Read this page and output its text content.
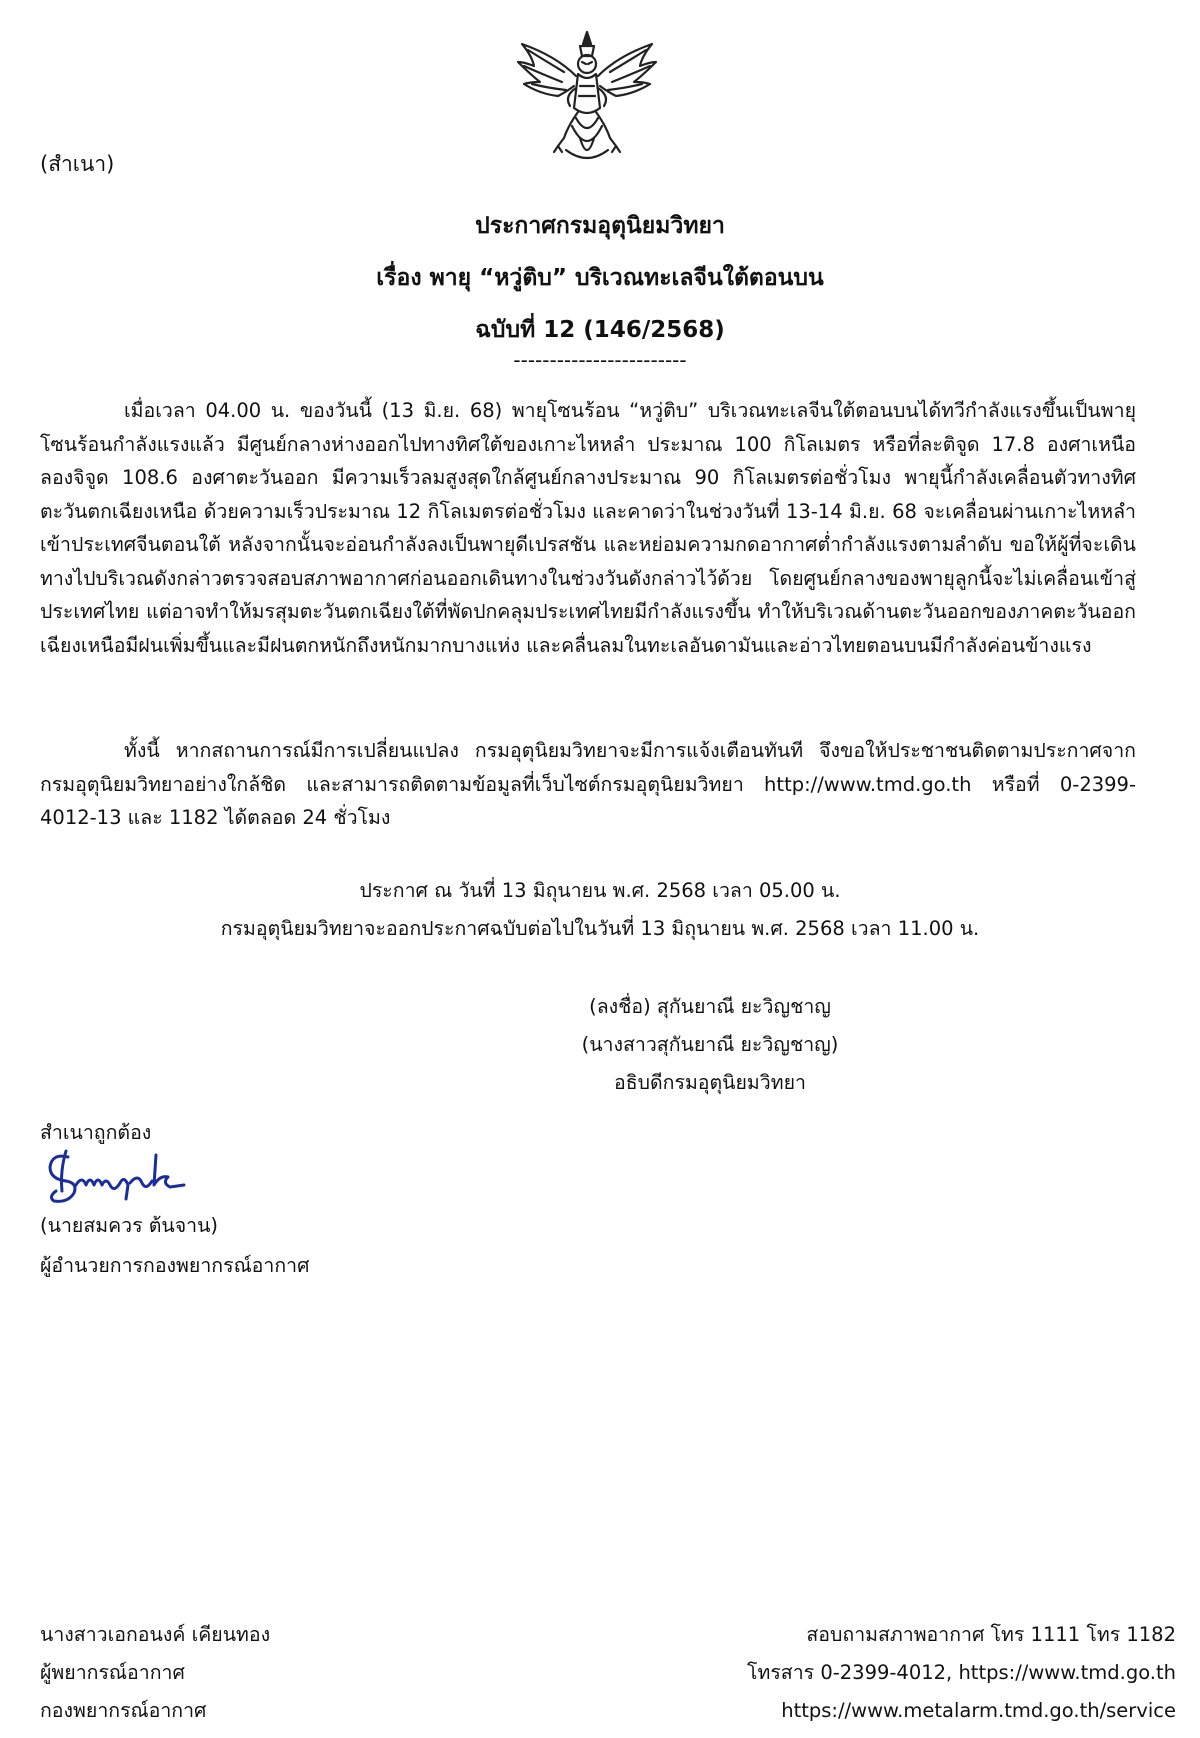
(สำเนา)
ประกาศกรมอุตุนิยมวิทยา
เรื่อง พายุ “หวู่ติบ” บริเวณทะเลจีนใต้ตอนบน
ฉบับที่ 12 (146/2568)
------------------------
เมื่อเวลา 04.00 น. ของวันนี้ (13 มิ.ย. 68) พายุโซนร้อน “หวู่ติบ” บริเวณทะเลจีนใต้ตอนบนได้ทวีกำลังแรงขึ้นเป็นพายุโซนร้อนกำลังแรงแล้ว มีศูนย์กลางห่างออกไปทางทิศใต้ของเกาะไหหลำ ประมาณ 100 กิโลเมตร หรือที่ละติจูด 17.8 องศาเหนือ ลองจิจูด 108.6 องศาตะวันออก มีความเร็วลมสูงสุดใกล้ศูนย์กลางประมาณ 90 กิโลเมตรต่อชั่วโมง พายุนี้กำลังเคลื่อนตัวทางทิศตะวันตกเฉียงเหนือ ด้วยความเร็วประมาณ 12 กิโลเมตรต่อชั่วโมง และคาดว่าในช่วงวันที่ 13-14 มิ.ย. 68 จะเคลื่อนผ่านเกาะไหหลำเข้าประเทศจีนตอนใต้ หลังจากนั้นจะอ่อนกำลังลงเป็นพายุดีเปรสชัน และหย่อมความกดอากาศต่ำกำลังแรงตามลำดับ ขอให้ผู้ที่จะเดินทางไปบริเวณดังกล่าวตรวจสอบสภาพอากาศก่อนออกเดินทางในช่วงวันดังกล่าวไว้ด้วย โดยศูนย์กลางของพายุลูกนี้จะไม่เคลื่อนเข้าสู่ประเทศไทย แต่อาจทำให้มรสุมตะวันตกเฉียงใต้ที่พัดปกคลุมประเทศไทยมีกำลังแรงขึ้น ทำให้บริเวณด้านตะวันออกของภาคตะวันออกเฉียงเหนือมีฝนเพิ่มขึ้นและมีฝนตกหนักถึงหนักมากบางแห่ง และคลื่นลมในทะเลอันดามันและอ่าวไทยตอนบนมีกำลังค่อนข้างแรง
ทั้งนี้ หากสถานการณ์มีการเปลี่ยนแปลง กรมอุตุนิยมวิทยาจะมีการแจ้งเตือนทันที จึงขอให้ประชาชนติดตามประกาศจากกรมอุตุนิยมวิทยาอย่างใกล้ชิด และสามารถติดตามข้อมูลที่เว็บไซต์กรมอุตุนิยมวิทยา http://www.tmd.go.th หรือที่ 0-2399-4012-13 และ 1182 ได้ตลอด 24 ชั่วโมง
ประกาศ ณ วันที่ 13 มิถุนายน พ.ศ. 2568 เวลา 05.00 น.
กรมอุตุนิยมวิทยาจะออกประกาศฉบับต่อไปในวันที่ 13 มิถุนายน พ.ศ. 2568 เวลา 11.00 น.
(ลงชื่อ) สุกันยาณี ยะวิญชาญ
(นางสาวสุกันยาณี ยะวิญชาญ)
อธิบดีกรมอุตุนิยมวิทยา
สำเนาถูกต้อง
(นายสมควร ต้นจาน)
ผู้อำนวยการกองพยากรณ์อากาศ
นางสาวเอกอนงค์ เคียนทอง
ผู้พยากรณ์อากาศ
กองพยากรณ์อากาศ
สอบถามสภาพอากาศ โทร 1111 โทร 1182
โทรสาร 0-2399-4012, https://www.tmd.go.th
https://www.metalarm.tmd.go.th/service
